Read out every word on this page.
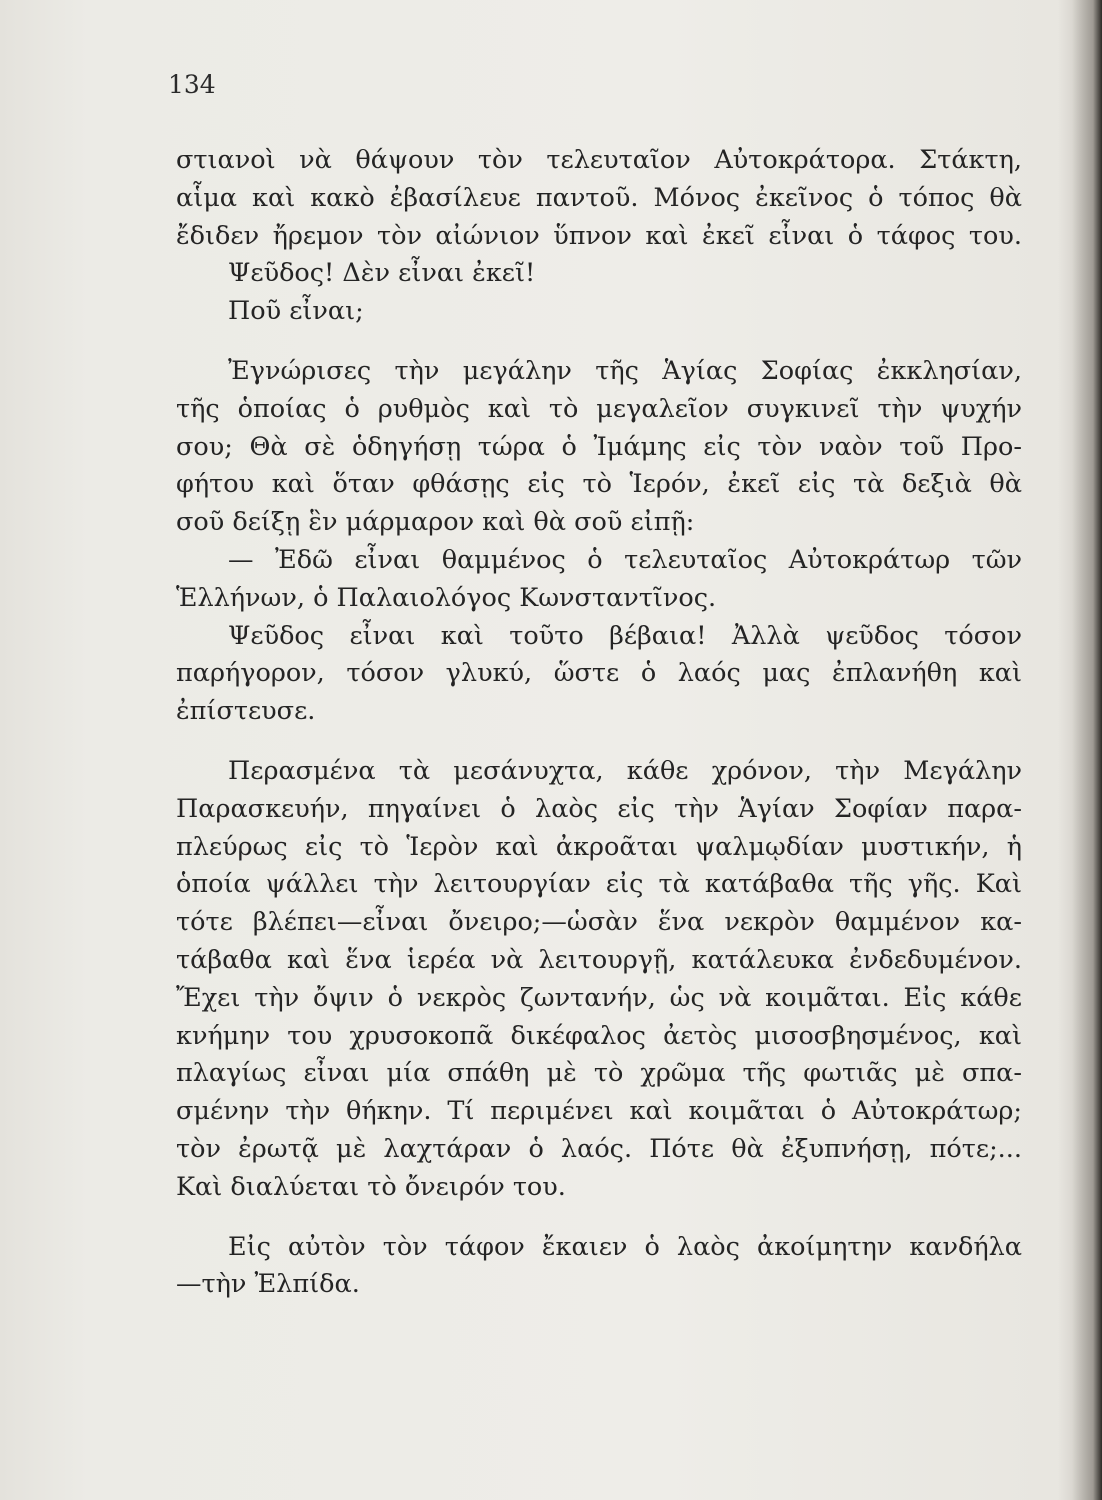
134
στιανοὶ νὰ θάψουν τὸν τελευταῖον Αὐτοκράτορα. Στάκτη,
αἷμα καὶ κακὸ ἐβασίλευε παντοῦ. Μόνος ἐκεῖνος ὁ τόπος θὰ
ἔδιδεν ἤρεμον τὸν αἰώνιον ὕπνον καὶ ἐκεῖ εἶναι ὁ τάφος του.
Ψεῦδος! Δὲν εἶναι ἐκεῖ!
Ποῦ εἶναι;
Ἐγνώρισες τὴν μεγάλην τῆς Ἁγίας Σοφίας ἐκκλησίαν,
τῆς ὁποίας ὁ ρυθμὸς καὶ τὸ μεγαλεῖον συγκινεῖ τὴν ψυχήν
σου; Θὰ σὲ ὁδηγήσῃ τώρα ὁ Ἰμάμης εἰς τὸν ναὸν τοῦ Προ-
φήτου καὶ ὅταν φθάσῃς εἰς τὸ Ἱερόν, ἐκεῖ εἰς τὰ δεξιὰ θὰ
σοῦ δείξῃ ἓν μάρμαρον καὶ θὰ σοῦ εἰπῇ:
— Ἐδῶ εἶναι θαμμένος ὁ τελευταῖος Αὐτοκράτωρ τῶν
Ἑλλήνων, ὁ Παλαιολόγος Κωνσταντῖνος.
Ψεῦδος εἶναι καὶ τοῦτο βέβαια! Ἀλλὰ ψεῦδος τόσον
παρήγορον, τόσον γλυκύ, ὥστε ὁ λαός μας ἐπλανήθη καὶ
ἐπίστευσε.
Περασμένα τὰ μεσάνυχτα, κάθε χρόνον, τὴν Μεγάλην
Παρασκευήν, πηγαίνει ὁ λαὸς εἰς τὴν Ἁγίαν Σοφίαν παρα-
πλεύρως εἰς τὸ Ἱερὸν καὶ ἀκροᾶται ψαλμῳδίαν μυστικήν, ἡ
ὁποία ψάλλει τὴν λειτουργίαν εἰς τὰ κατάβαθα τῆς γῆς. Καὶ
τότε βλέπει—εἶναι ὄνειρο;—ὡσὰν ἕνα νεκρὸν θαμμένον κα-
τάβαθα καὶ ἕνα ἱερέα νὰ λειτουργῇ, κατάλευκα ἐνδεδυμένον.
Ἔχει τὴν ὄψιν ὁ νεκρὸς ζωντανήν, ὡς νὰ κοιμᾶται. Εἰς κάθε
κνήμην του χρυσοκοπᾶ δικέφαλος ἀετὸς μισοσβησμένος, καὶ
πλαγίως εἶναι μία σπάθη μὲ τὸ χρῶμα τῆς φωτιᾶς μὲ σπα-
σμένην τὴν θήκην. Τί περιμένει καὶ κοιμᾶται ὁ Αὐτοκράτωρ;
τὸν ἐρωτᾷ μὲ λαχτάραν ὁ λαός. Πότε θὰ ἐξυπνήσῃ, πότε;...
Καὶ διαλύεται τὸ ὄνειρόν του.
Εἰς αὐτὸν τὸν τάφον ἔκαιεν ὁ λαὸς ἀκοίμητην κανδήλα
—τὴν Ἐλπίδα.
